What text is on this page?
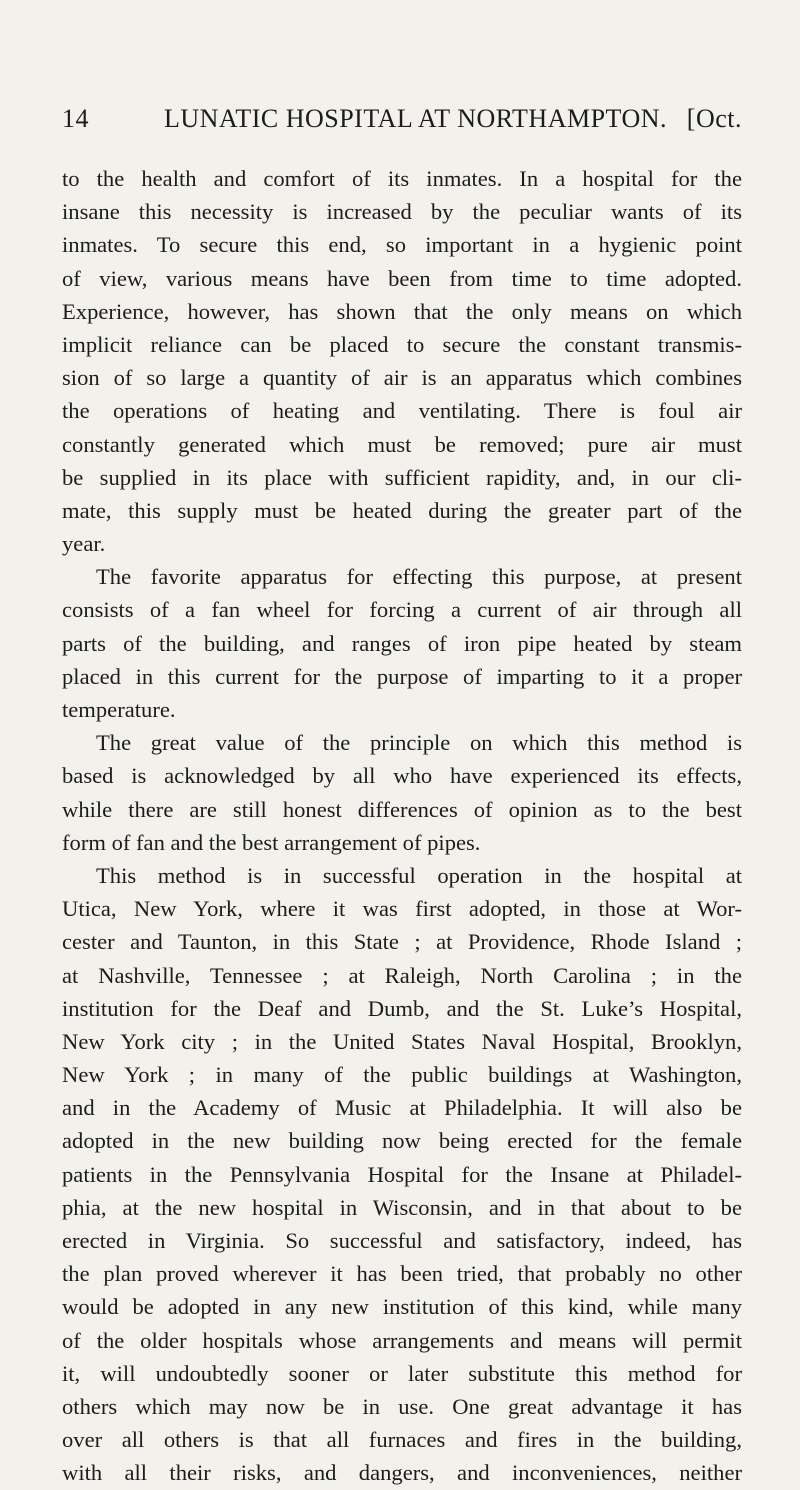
14	LUNATIC HOSPITAL AT NORTHAMPTON. [Oct.
to the health and comfort of its inmates. In a hospital for the
insane this necessity is increased by the peculiar wants of its
inmates. To secure this end, so important in a hygienic point
of view, various means have been from time to time adopted.
Experience, however, has shown that the only means on which
implicit reliance can be placed to secure the constant transmis-
sion of so large a quantity of air is an apparatus which combines
the operations of heating and ventilating. There is foul air
constantly generated which must be removed; pure air must
be supplied in its place with sufficient rapidity, and, in our cli-
mate, this supply must be heated during the greater part of the
year.
The favorite apparatus for effecting this purpose, at present
consists of a fan wheel for forcing a current of air through all
parts of the building, and ranges of iron pipe heated by steam
placed in this current for the purpose of imparting to it a proper
temperature.
The great value of the principle on which this method is
based is acknowledged by all who have experienced its effects,
while there are still honest differences of opinion as to the best
form of fan and the best arrangement of pipes.
This method is in successful operation in the hospital at
Utica, New York, where it was first adopted, in those at Wor-
cester and Taunton, in this State ; at Providence, Rhode Island ;
at Nashville, Tennessee ; at Raleigh, North Carolina ; in the
institution for the Deaf and Dumb, and the St. Luke’s Hospital,
New York city ; in the United States Naval Hospital, Brooklyn,
New York ; in many of the public buildings at Washington,
and in the Academy of Music at Philadelphia. It will also be
adopted in the new building now being erected for the female
patients in the Pennsylvania Hospital for the Insane at Philadel-
phia, at the new hospital in Wisconsin, and in that about to be
erected in Virginia. So successful and satisfactory, indeed, has
the plan proved wherever it has been tried, that probably no other
would be adopted in any new institution of this kind, while many
of the older hospitals whose arrangements and means will permit
it, will undoubtedly sooner or later substitute this method for
others which may now be in use. One great advantage it has
over all others is that all furnaces and fires in the building,
with all their risks, and dangers, and inconveniences, neither
